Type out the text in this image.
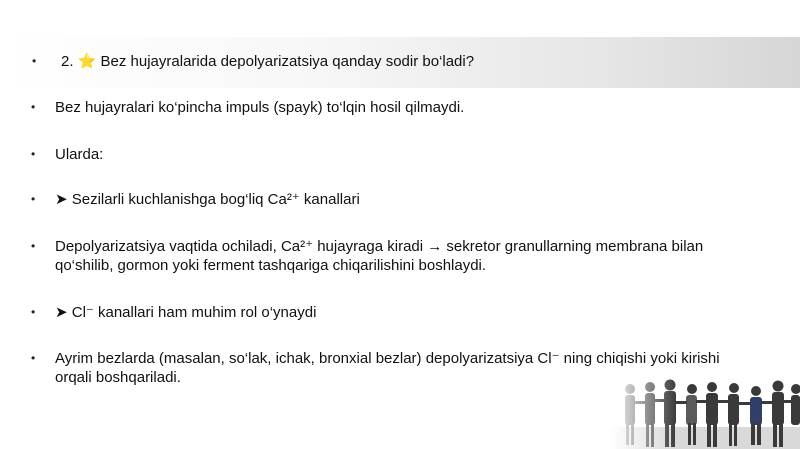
• 2. ⭐ Bez hujayralarida depolyarizatsiya qanday sodir bo‘ladi?
• Bez hujayralari ko‘pincha impuls (spayk) to‘lqin hosil qilmaydi.
• Ularda:
• ➤ Sezilarli kuchlanishga bog‘liq Ca²⁺ kanallari
• Depolyarizatsiya vaqtida ochiladi, Ca²⁺ hujayraga kiradi → sekretor granullarning membrana bilan qo‘shilib, gormon yoki ferment tashqariga chiqarilishini boshlaydi.
• ➤ Cl⁻ kanallari ham muhim rol o‘ynaydi
• Ayrim bezlarda (masalan, so‘lak, ichak, bronxial bezlar) depolyarizatsiya Cl⁻ ning chiqishi yoki kirishi orqali boshqariladi.
